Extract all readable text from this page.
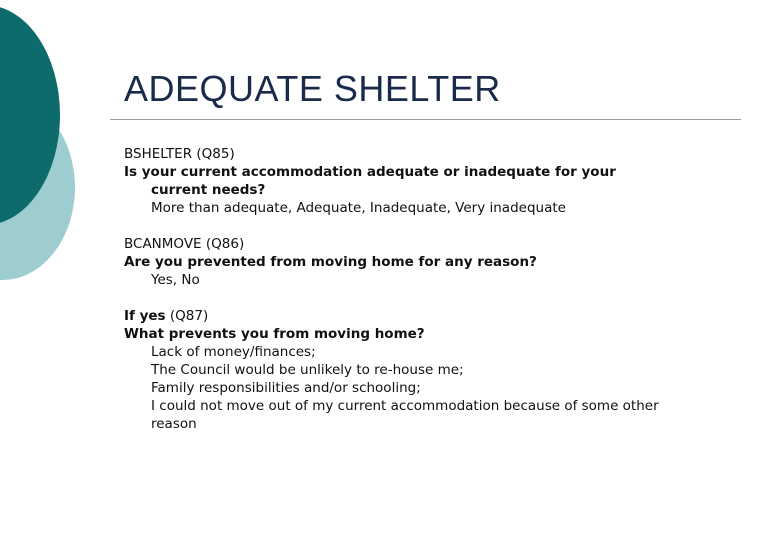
ADEQUATE SHELTER

BSHELTER (Q85)

Is your current accommodation adequate or inadequate for your

current needs?

More than adequate, Adequate, Inadequate, Very inadequate

BCANMOVE (Q86)

Are you prevented from moving home for any reason?

Yes, No

If yes (Q87)

What prevents you from moving home?

Lack of money/finances;

The Council would be unlikely to re-house me;

Family responsibilities and/or schooling;

I could not move out of my current accommodation because of some other

reason
